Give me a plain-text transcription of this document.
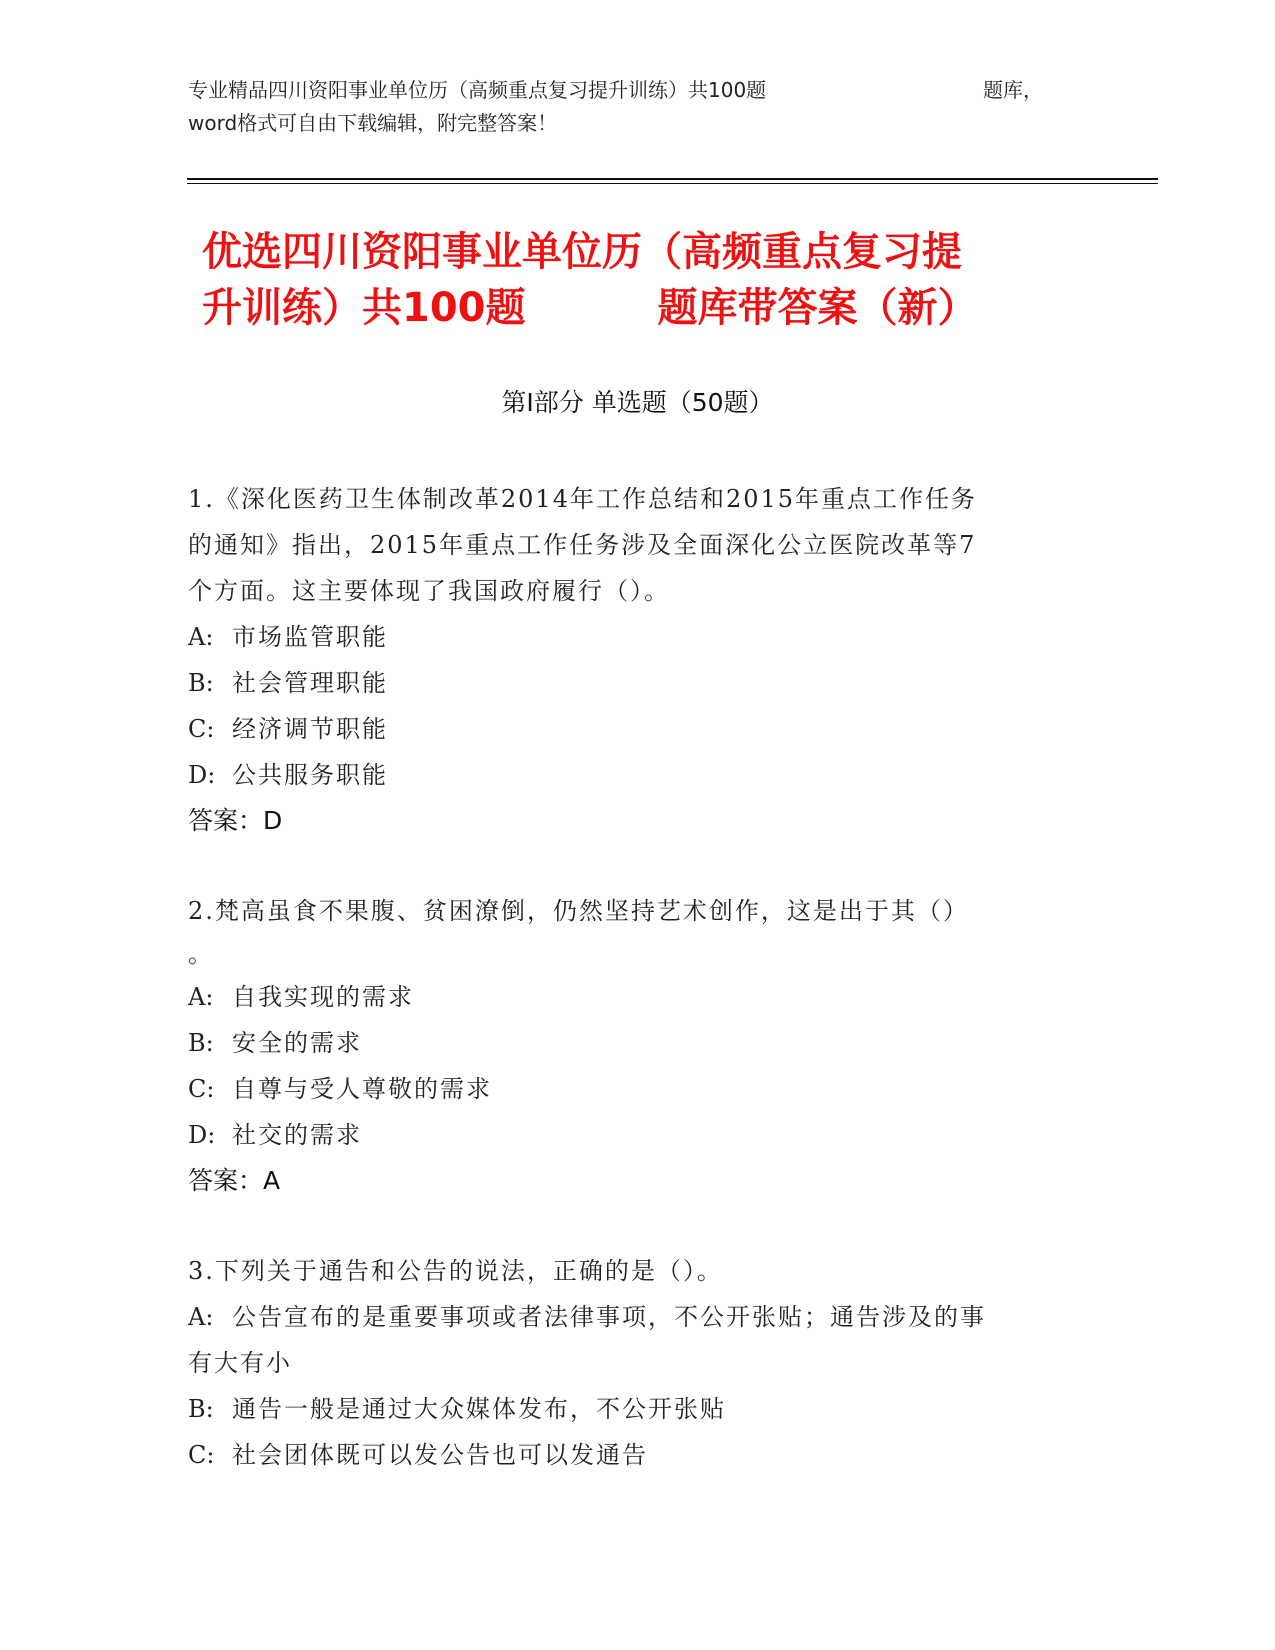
专业精品四川资阳事业单位历（高频重点复习提升训练）共100题	题库，
word格式可自由下载编辑，附完整答案！
优选四川资阳事业单位历（高频重点复习提
升训练）共100题	题库带答案（新）
第Ⅰ部分 单选题（50题）
1.《深化医药卫生体制改革2014年工作总结和2015年重点工作任务
的通知》指出，2015年重点工作任务涉及全面深化公立医院改革等7
个方面。这主要体现了我国政府履行（）。
A: 市场监管职能
B: 社会管理职能
C: 经济调节职能
D: 公共服务职能
答案：D
2.梵高虽食不果腹、贫困潦倒，仍然坚持艺术创作，这是出于其（）
。
A: 自我实现的需求
B: 安全的需求
C: 自尊与受人尊敬的需求
D: 社交的需求
答案：A
3.下列关于通告和公告的说法，正确的是（）。
A: 公告宣布的是重要事项或者法律事项，不公开张贴；通告涉及的事
有大有小
B: 通告一般是通过大众媒体发布，不公开张贴
C: 社会团体既可以发公告也可以发通告
